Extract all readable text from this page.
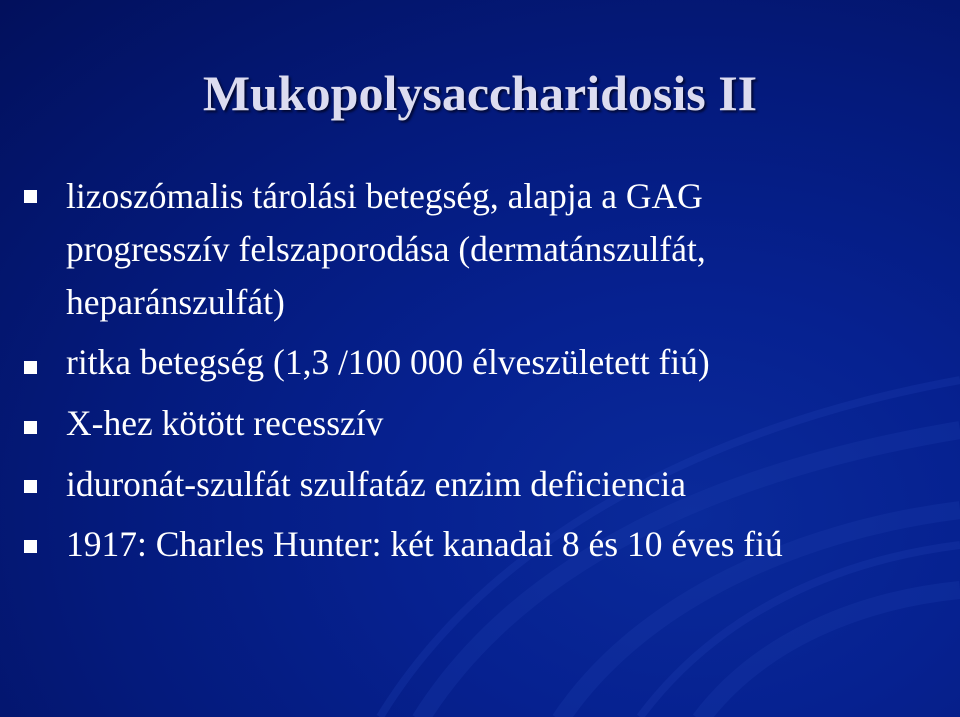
Mukopolysaccharidosis II
lizoszómalis tárolási betegség, alapja a GAG
progresszív felszaporodása (dermatánszulfát,
heparánszulfát)
ritka betegség (1,3 /100 000 élveszületett fiú)
X-hez kötött recesszív
iduronát-szulfát szulfatáz enzim deficiencia
1917: Charles Hunter: két kanadai 8 és 10 éves fiú
